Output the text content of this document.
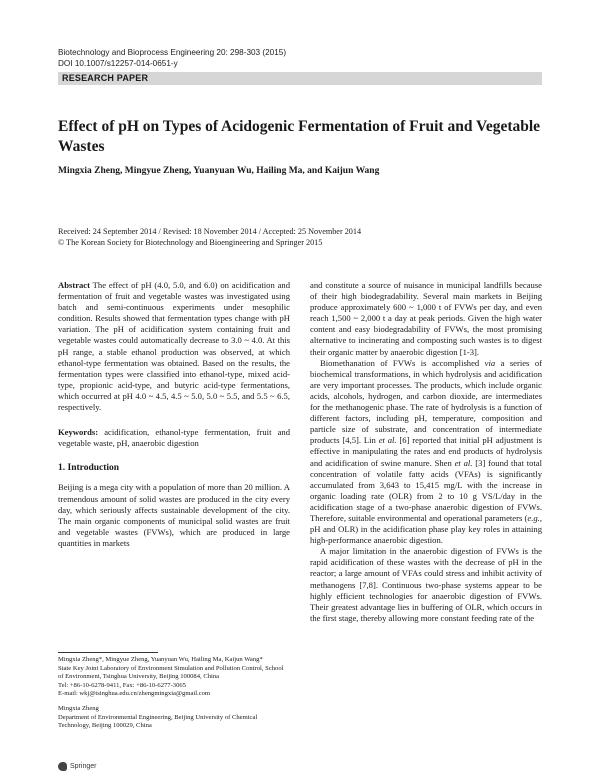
Biotechnology and Bioprocess Engineering 20: 298-303 (2015)
DOI 10.1007/s12257-014-0651-y
RESEARCH PAPER
Effect of pH on Types of Acidogenic Fermentation of Fruit and Vegetable Wastes
Mingxia Zheng, Mingyue Zheng, Yuanyuan Wu, Hailing Ma, and Kaijun Wang
Received: 24 September 2014 / Revised: 18 November 2014 / Accepted: 25 November 2014
© The Korean Society for Biotechnology and Bioengineering and Springer 2015

Abstract The effect of pH (4.0, 5.0, and 6.0) on acidification and fermentation of fruit and vegetable wastes was investigated using batch and semi-continuous experiments under mesophilic condition. Results showed that fermentation types change with pH variation. The pH of acidification system containing fruit and vegetable wastes could automatically decrease to 3.0 ~ 4.0. At this pH range, a stable ethanol production was observed, at which ethanol-type fermentation was obtained. Based on the results, the fermentation types were classified into ethanol-type, mixed acid-type, propionic acid-type, and butyric acid-type fermentations, which occurred at pH 4.0 ~ 4.5, 4.5 ~ 5.0, 5.0 ~ 5.5, and 5.5 ~ 6.5, respectively.

Keywords: acidification, ethanol-type fermentation, fruit and vegetable waste, pH, anaerobic digestion

1. Introduction

Beijing is a mega city with a population of more than 20 million. A tremendous amount of solid wastes are produced in the city every day, which seriously affects sustainable development of the city. The main organic components of municipal solid wastes are fruit and vegetable wastes (FVWs), which are produced in large quantities in markets

and constitute a source of nuisance in municipal landfills because of their high biodegradability. Several main markets in Beijing produce approximately 600 ~ 1,000 t of FVWs per day, and even reach 1,500 ~ 2,000 t a day at peak periods. Given the high water content and easy biodegradability of FVWs, the most promising alternative to incinerating and composting such wastes is to digest their organic matter by anaerobic digestion [1-3].

Biomethanation of FVWs is accomplished via a series of biochemical transformations, in which hydrolysis and acidification are very important processes. The products, which include organic acids, alcohols, hydrogen, and carbon dioxide, are intermediates for the methanogenic phase. The rate of hydrolysis is a function of different factors, including pH, temperature, composition and particle size of substrate, and concentration of intermediate products [4,5]. Lin et al. [6] reported that initial pH adjustment is effective in manipulating the rates and end products of hydrolysis and acidification of swine manure. Shen et al. [3] found that total concentration of volatile fatty acids (VFAs) is significantly accumulated from 3,643 to 15,415 mg/L with the increase in organic loading rate (OLR) from 2 to 10 g VS/L/day in the acidification stage of a two-phase anaerobic digestion of FVWs. Therefore, suitable environmental and operational parameters (e.g., pH and OLR) in the acidification phase play key roles in attaining high-performance anaerobic digestion.

A major limitation in the anaerobic digestion of FVWs is the rapid acidification of these wastes with the decrease of pH in the reactor; a large amount of VFAs could stress and inhibit activity of methanogens [7,8]. Continuous two-phase systems appear to be highly efficient technologies for anaerobic digestion of FVWs. Their greatest advantage lies in buffering of OLR, which occurs in the first stage, thereby allowing more constant feeding rate of the

Mingxia Zheng*, Mingyue Zheng, Yuanyuan Wu, Hailing Ma, Kaijun Wang*

State Key Joint Laboratory of Environment Simulation and Pollution Control, School of Environment, Tsinghua University, Beijing 100084, China

Tel: +86-10-6278-9411, Fax: +86-10-6277-3065

E-mail: wkj@tsinghua.edu.cn/zhengmingxia@gmail.com

Mingxia Zheng

Department of Environmental Engineering, Beijing University of Chemical Technology, Beijing 100029, China

Springer
